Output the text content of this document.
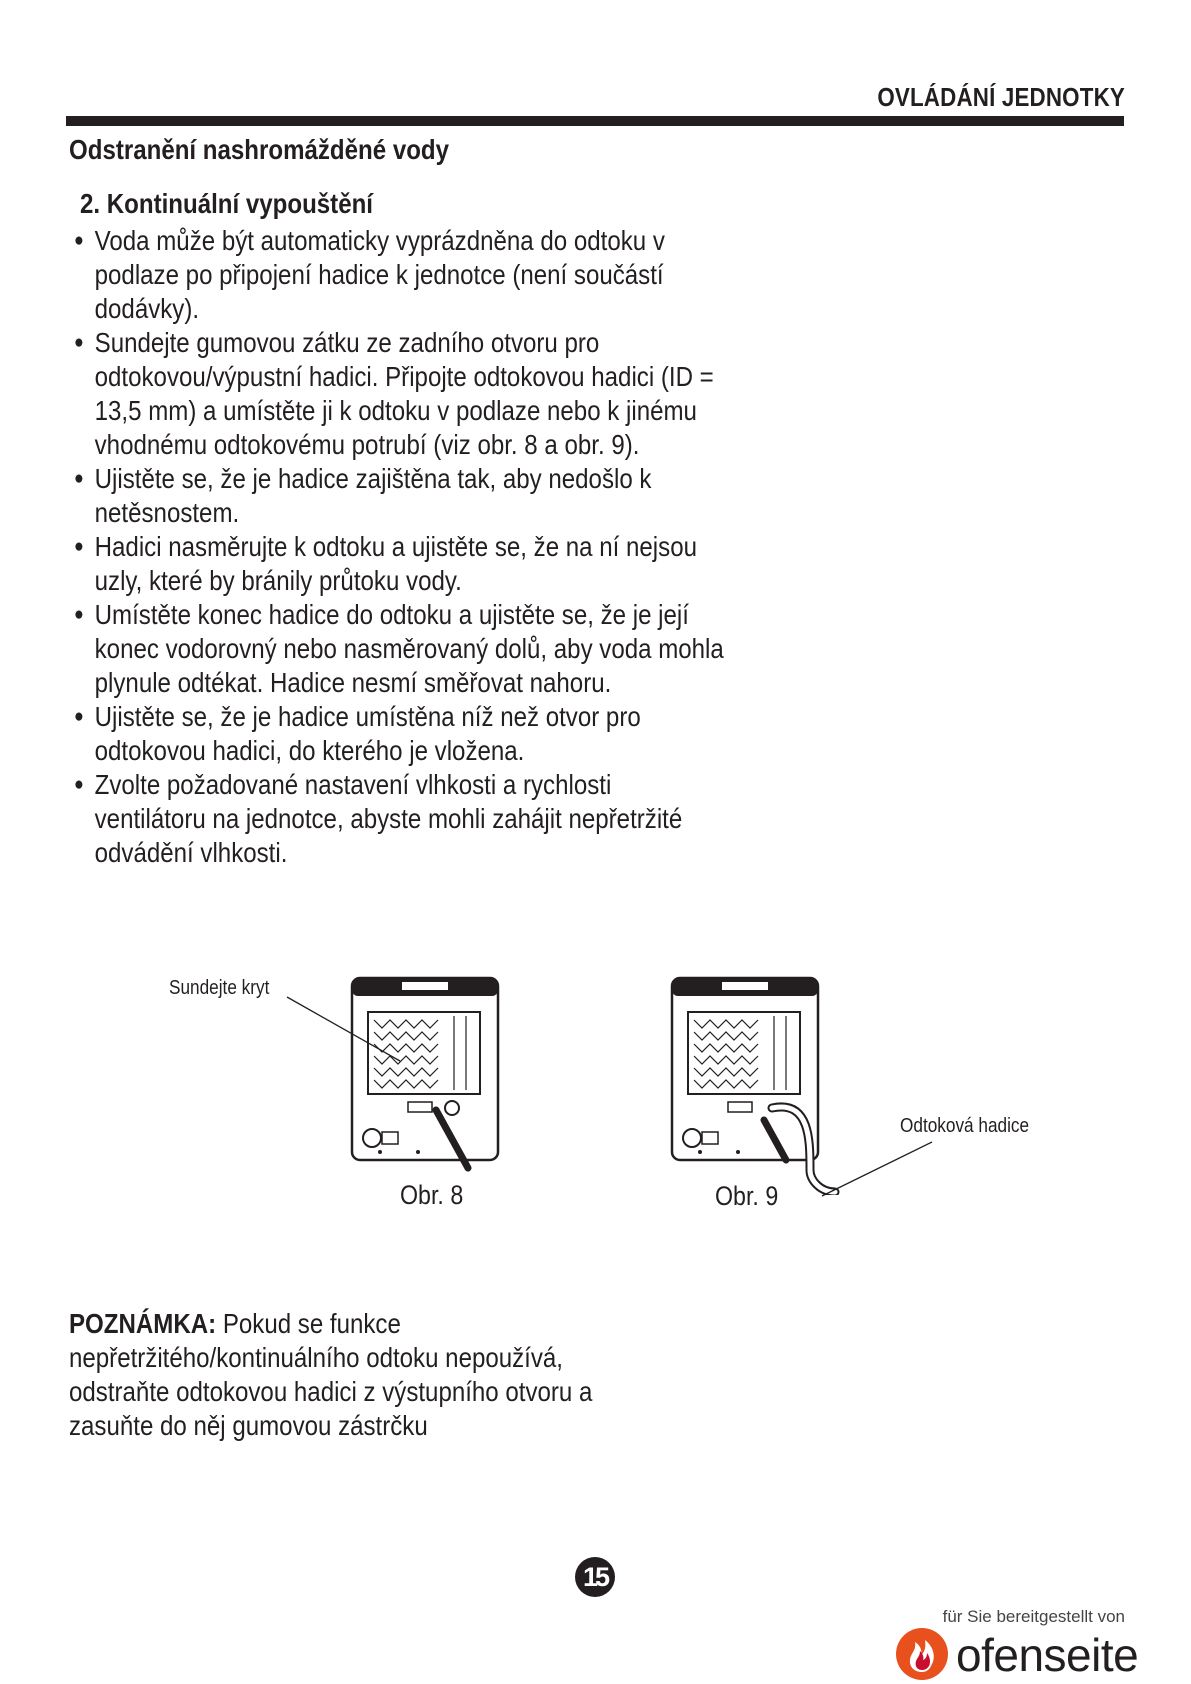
OVLÁDÁNÍ JEDNOTKY
Odstranění nashromážděné vody
2. Kontinuální vypouštění
● Voda může být automaticky vyprázdněna do odtoku v podlaze po připojení hadice k jednotce (není součástí dodávky).
● Sundejte gumovou zátku ze zadního otvoru pro odtokovou/výpustní hadici. Připojte odtokovou hadici (ID = 13,5 mm) a umístěte ji k odtoku v podlaze nebo k jinému vhodnému odtokovému potrubí (viz obr. 8 a obr. 9).
● Ujistěte se, že je hadice zajištěna tak, aby nedošlo k netěsnostem.
● Hadici nasměrujte k odtoku a ujistěte se, že na ní nejsou uzly, které by bránily průtoku vody.
● Umístěte konec hadice do odtoku a ujistěte se, že je její konec vodorovný nebo nasměrovaný dolů, aby voda mohla plynule odtékat. Hadice nesmí směřovat nahoru.
● Ujistěte se, že je hadice umístěna níž než otvor pro odtokovou hadici, do kterého je vložena.
● Zvolte požadované nastavení vlhkosti a rychlosti ventilátoru na jednotce, abyste mohli zahájit nepřetržité odvádění vlhkosti.
Sundejte kryt
Obr. 8	Obr. 9
Odtoková hadice
POZNÁMKA: Pokud se funkce nepřetržitého/kontinuálního odtoku nepoužívá, odstraňte odtokovou hadici z výstupního otvoru a zasuňte do něj gumovou zástrčku
15
für Sie bereitgestellt von
ofenseite
